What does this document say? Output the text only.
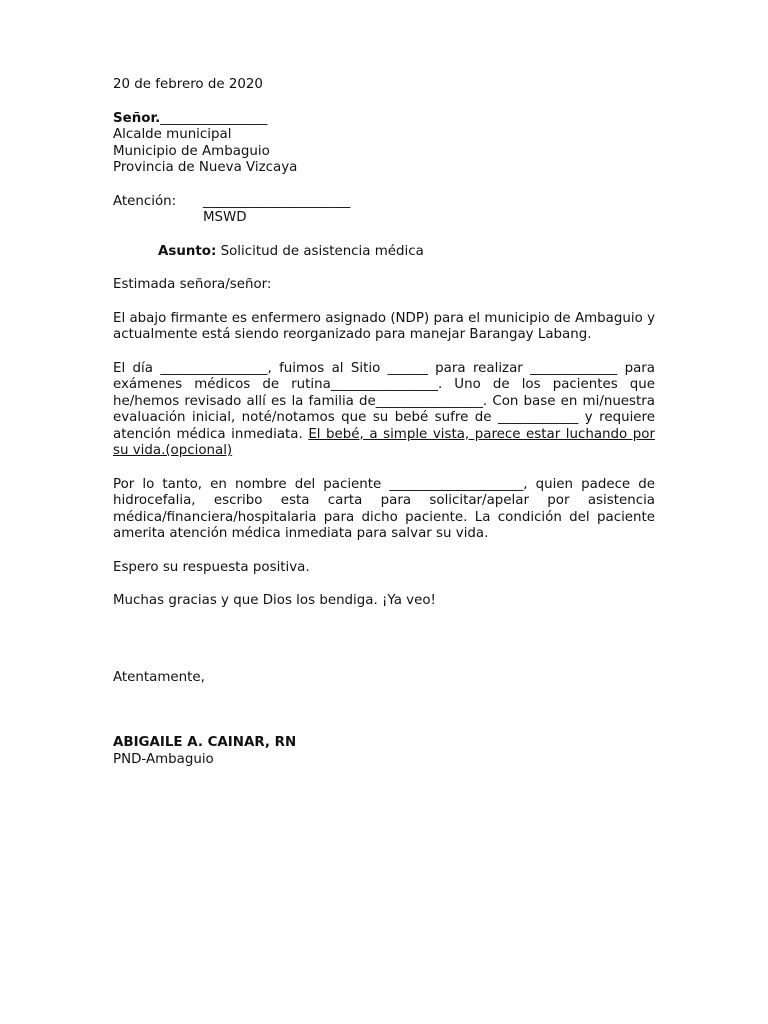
20 de febrero de 2020
Señor.________________
Alcalde municipal
Municipio de Ambaguio
Provincia de Nueva Vizcaya
Atención:	______________________
MSWD
Asunto: Solicitud de asistencia médica
Estimada señora/señor:
El abajo firmante es enfermero asignado (NDP) para el municipio de Ambaguio y actualmente está siendo reorganizado para manejar Barangay Labang.
El día ________________, fuimos al Sitio ______ para realizar _____________ para exámenes médicos de rutina________________. Uno de los pacientes que he/hemos revisado allí es la familia de________________. Con base en mi/nuestra evaluación inicial, noté/notamos que su bebé sufre de ____________ y requiere atención médica inmediata. El bebé, a simple vista, parece estar luchando por su vida.(opcional)
Por lo tanto, en nombre del paciente ____________________, quien padece de hidrocefalia, escribo esta carta para solicitar/apelar por asistencia médica/financiera/hospitalaria para dicho paciente. La condición del paciente amerita atención médica inmediata para salvar su vida.
Espero su respuesta positiva.
Muchas gracias y que Dios los bendiga. ¡Ya veo!
Atentamente,
ABIGAILE A. CAINAR, RN
PND-Ambaguio
